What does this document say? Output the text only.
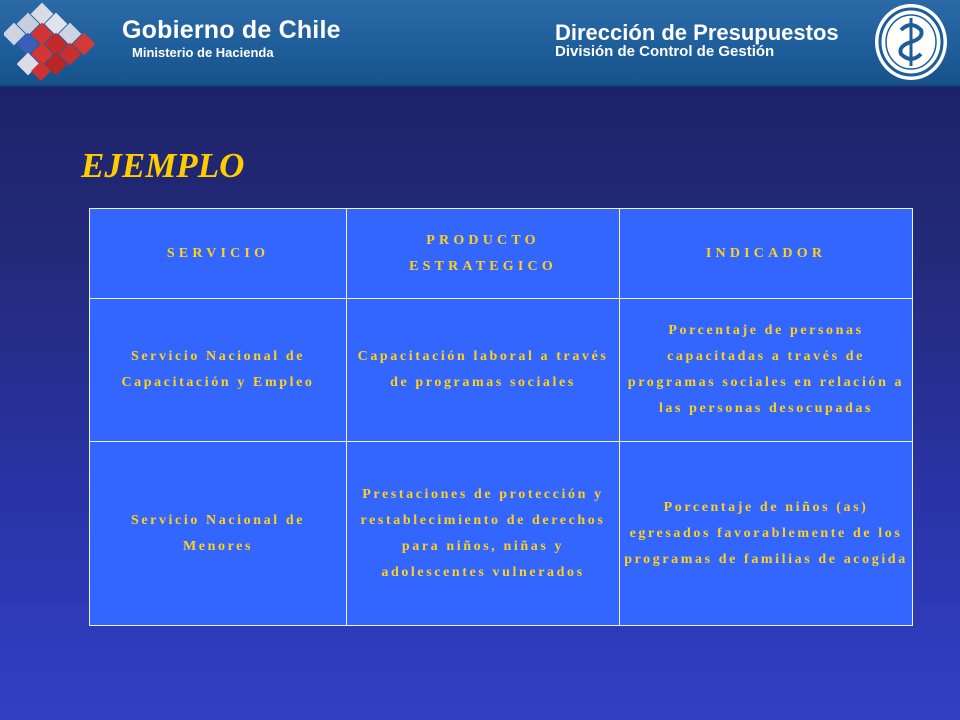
Gobierno de Chile
Ministerio de Hacienda
Dirección de Presupuestos
División de Control de Gestión
EJEMPLO
SERVICIO	PRODUCTO ESTRATEGICO	INDICADOR
Servicio Nacional de Capacitación y Empleo	Capacitación laboral a través de programas sociales	Porcentaje de personas capacitadas a través de programas sociales en relación a las personas desocupadas
Servicio Nacional de Menores	Prestaciones de protección y restablecimiento de derechos para niños, niñas y adolescentes vulnerados	Porcentaje de niños (as) egresados favorablemente de los programas de familias de acogida
